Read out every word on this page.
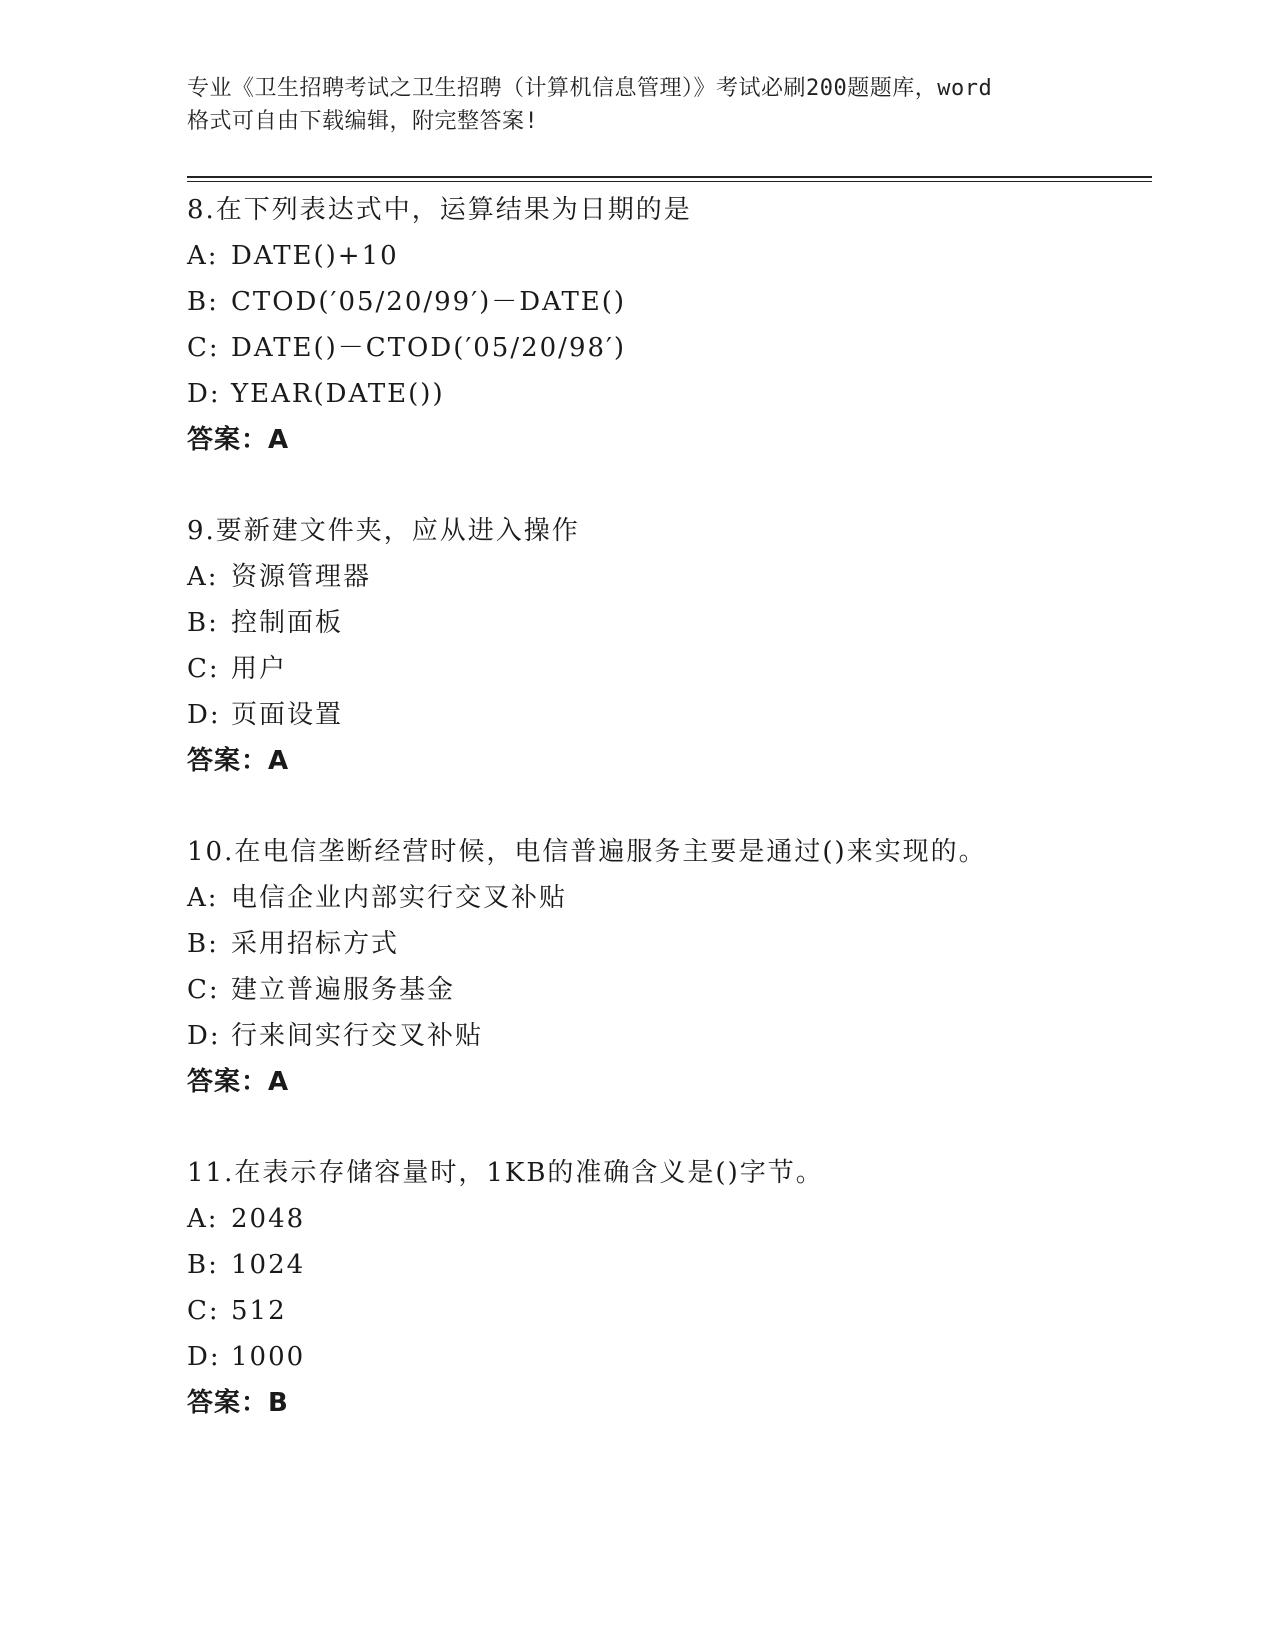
专业《卫生招聘考试之卫生招聘（计算机信息管理）》考试必刷200题题库，word
格式可自由下载编辑，附完整答案!
8.在下列表达式中，运算结果为日期的是
A: DATE()+10
B: CTOD(′05/20/99′)－DATE()
C: DATE()－CTOD(′05/20/98′)
D: YEAR(DATE())
答案：A
9.要新建文件夹，应从进入操作
A: 资源管理器
B: 控制面板
C: 用户
D: 页面设置
答案：A
10.在电信垄断经营时候，电信普遍服务主要是通过()来实现的。
A: 电信企业内部实行交叉补贴
B: 采用招标方式
C: 建立普遍服务基金
D: 行来间实行交叉补贴
答案：A
11.在表示存储容量时，1KB的准确含义是()字节。
A: 2048
B: 1024
C: 512
D: 1000
答案：B
